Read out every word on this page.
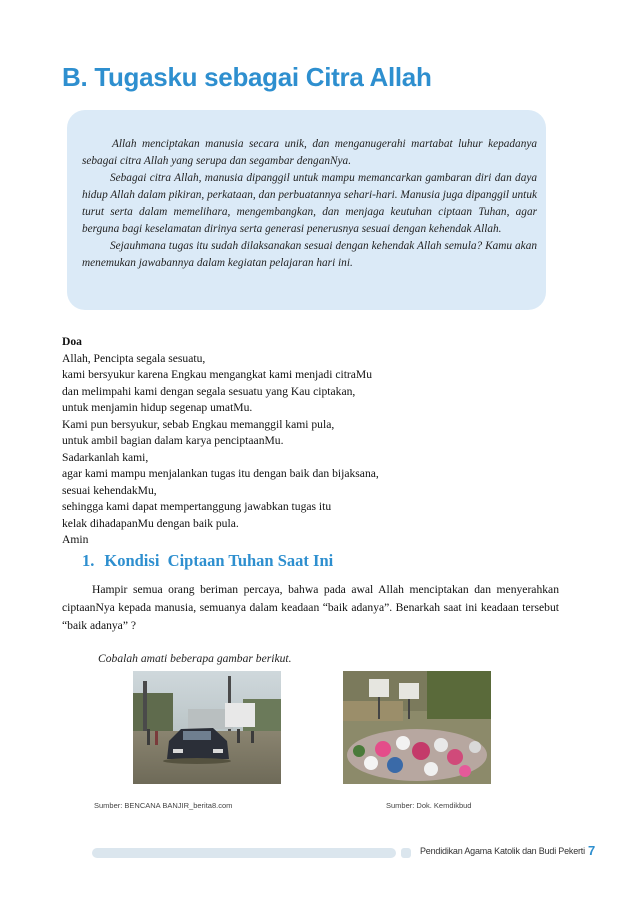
B. Tugasku sebagai Citra Allah

Allah menciptakan manusia secara unik, dan menganugerahi martabat luhur kepadanya sebagai citra Allah yang serupa dan segambar denganNya.

Sebagai citra Allah, manusia dipanggil untuk mampu memancarkan gambaran diri dan daya hidup Allah dalam pikiran, perkataan, dan perbuatannya sehari-hari. Manusia juga dipanggil untuk turut serta dalam memelihara, mengembangkan, dan menjaga keutuhan ciptaan Tuhan, agar berguna bagi keselamatan dirinya serta generasi penerusnya sesuai dengan kehendak Allah.

Sejauhmana tugas itu sudah dilaksanakan sesuai dengan kehendak Allah semula? Kamu akan menemukan jawabannya dalam kegiatan pelajaran hari ini.

Doa
Allah, Pencipta segala sesuatu,
kami bersyukur karena Engkau mengangkat kami menjadi citraMu
dan melimpahi kami dengan segala sesuatu yang Kau ciptakan,
untuk menjamin hidup segenap umatMu.
Kami pun bersyukur, sebab Engkau memanggil kami pula,
untuk ambil bagian dalam karya penciptaanMu.
Sadarkanlah kami,
agar kami mampu menjalankan tugas itu dengan baik dan bijaksana,
sesuai kehendakMu,
sehingga kami dapat mempertanggung jawabkan tugas itu
kelak dihadapanMu dengan baik pula.
Amin
1. Kondisi  Ciptaan Tuhan Saat Ini
Hampir semua orang beriman percaya, bahwa pada awal Allah menciptakan dan menyerahkan ciptaanNya kepada manusia, semuanya dalam keadaan “baik adanya”. Benarkah saat ini keadaan tersebut “baik adanya” ?
Cobalah amati beberapa gambar berikut.
Sumber: BENCANA BANJIR_berita8.com	Sumber: Dok. Kemdikbud
Pendidikan Agama Katolik dan Budi Pekerti 7
